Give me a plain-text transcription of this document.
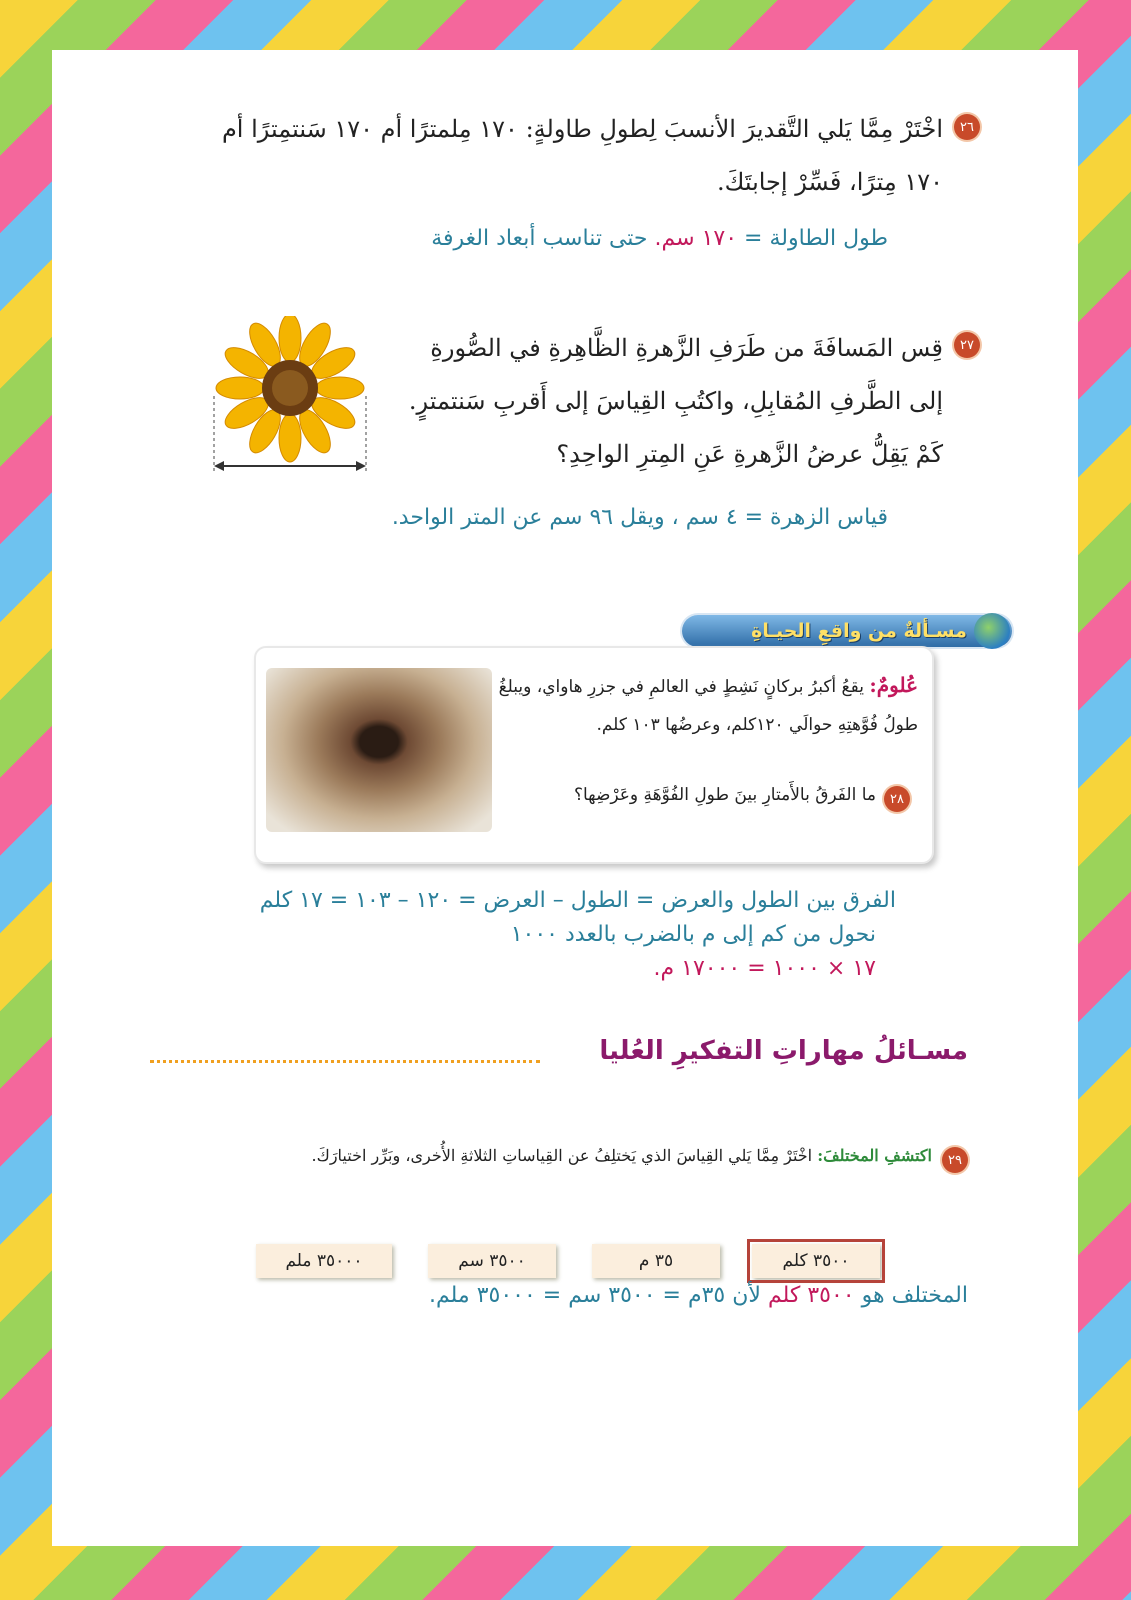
٢٦
اخْتَرْ مِمَّا يَلي التَّقديرَ الأنسبَ لِطولِ طاولةٍ: ١٧٠ مِلمترًا أم ١٧٠ سَنتمِترًا أم
١٧٠ مِترًا، فَسِّرْ إجابتَكَ.
طول الطاولة = ١٧٠ سم. حتى تناسب أبعاد الغرفة
٢٧
قِس المَسافَةَ من طَرَفِ الزَّهرةِ الظَّاهِرةِ في الصُّورةِ
إلى الطَّرفِ المُقابِلِ، واكتُبِ القِياسَ إلى أَقربِ سَنتمترٍ.
كَمْ يَقِلُّ عرضُ الزَّهرةِ عَنِ المِترِ الواحِدِ؟
قياس الزهرة = ٤ سم ، ويقل ٩٦ سم عن المتر الواحد.
مسـألةٌ من واقعِ الحيـاةِ
عُلومٌ: يقعُ أكبرُ بركانٍ نَشِطٍ في العالمِ في جزرِ هاواي، ويبلغُ طولُ فُوَّهتِهِ حوالَي ١٢٠كلم، وعرضُها ١٠٣ كلم.
٢٨
ما الفَرقُ بالأَمتارِ بينَ طولِ الفُوَّهَةِ وعَرْضِها؟
الفرق بين الطول والعرض = الطول – العرض = ١٢٠ – ١٠٣ = ١٧ كلم
نحول من كم إلى م بالضرب بالعدد ١٠٠٠
١٧ × ١٠٠٠ = ١٧٠٠٠ م.
مسـائلُ مهاراتِ التفكيرِ العُليا
٢٩
اكتشفِ المختلفَ: اخْتَرْ مِمَّا يَلي القِياسَ الذي يَختلِفُ عن القِياساتِ الثلاثةِ الأُخرى، وبَرِّر اختيارَكَ.
٣٥٠٠ كلم
٣٥ م
٣٥٠٠ سم
٣٥٠٠٠ ملم
المختلف هو ٣٥٠٠ كلم لأن ٣٥م = ٣٥٠٠ سم = ٣٥٠٠٠ ملم.
